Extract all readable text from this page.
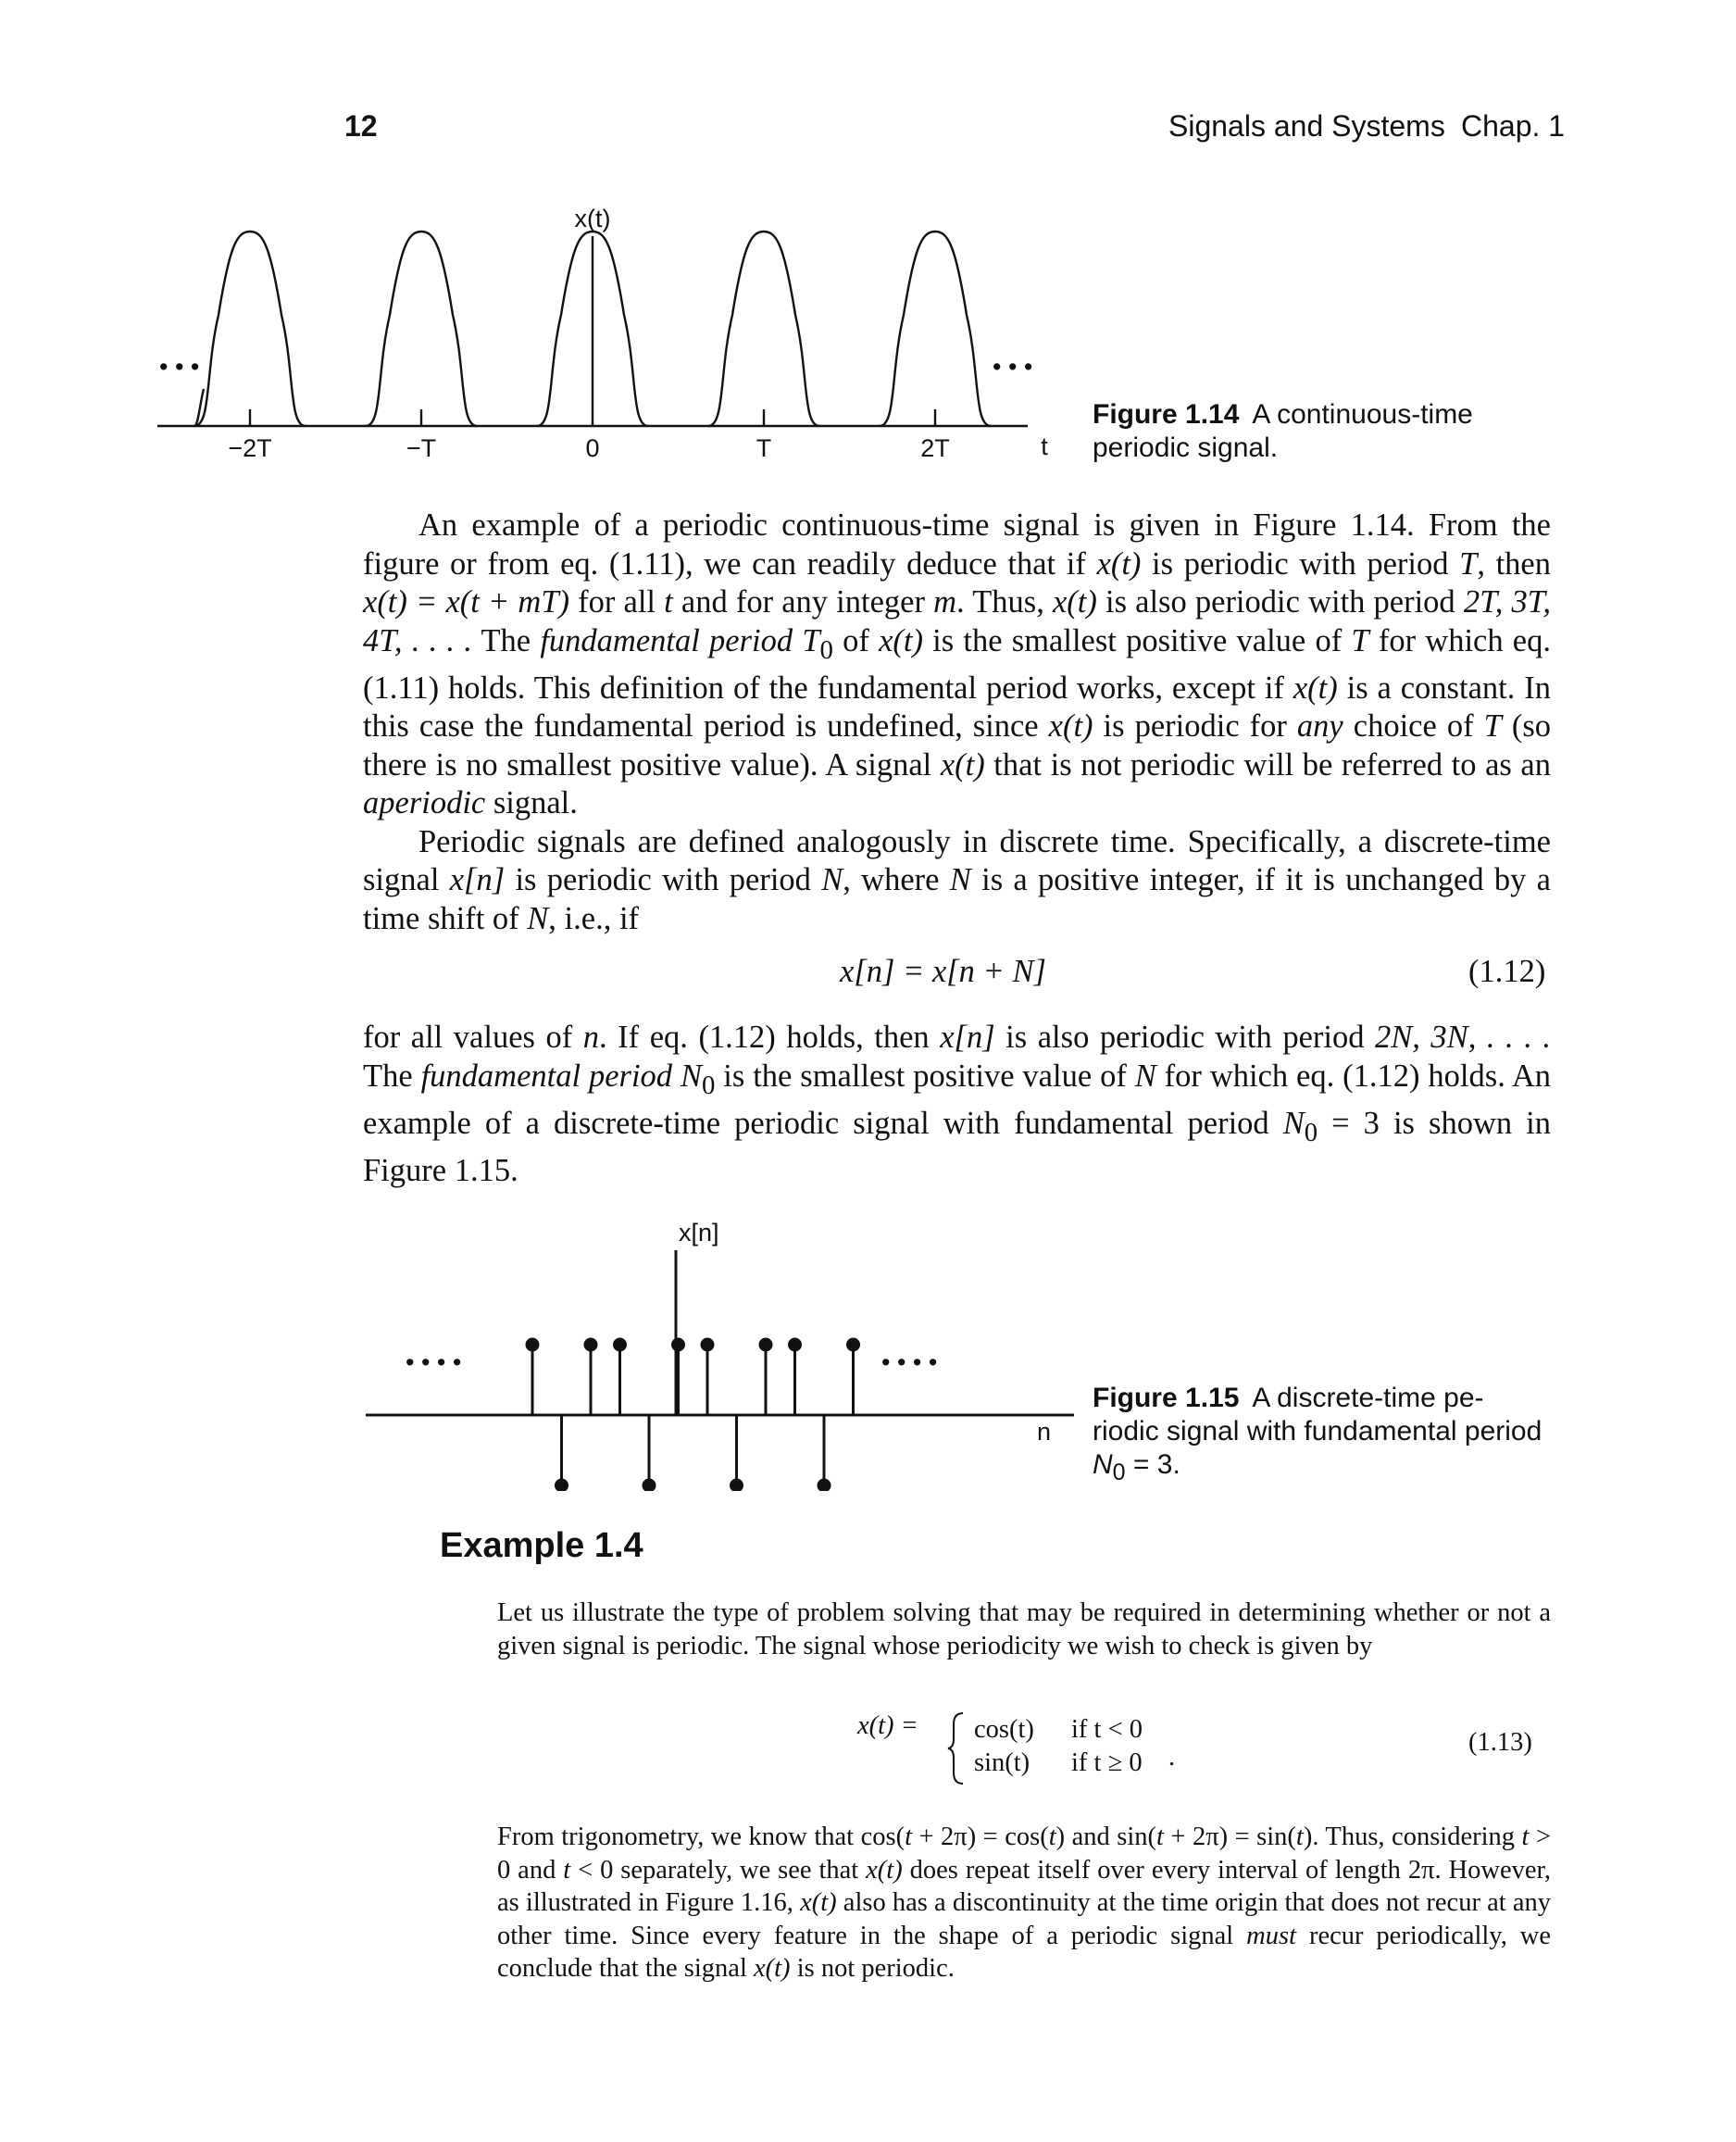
12	Signals and Systems Chap. 1
x(t)
t
• • •	• • •
−2T	−T	0	T	2T
Figure 1.14 A continuous-time
periodic signal.

An example of a periodic continuous-time signal is given in Figure 1.14. From the figure or from eq. (1.11), we can readily deduce that if x(t) is periodic with period T, then x(t) = x(t + mT) for all t and for any integer m. Thus, x(t) is also periodic with period 2T, 3T, 4T, . . . . The fundamental period $T_0$ of x(t) is the smallest positive value of T for which eq. (1.11) holds. This definition of the fundamental period works, except if x(t) is a constant. In this case the fundamental period is undefined, since x(t) is periodic for any choice of T (so there is no smallest positive value). A signal x(t) that is not periodic will be referred to as an aperiodic signal.

Periodic signals are defined analogously in discrete time. Specifically, a discrete-time signal x[n] is periodic with period N, where N is a positive integer, if it is unchanged by a time shift of N, i.e., if

x[n] = x[n + N]	(1.12)

for all values of n. If eq. (1.12) holds, then x[n] is also periodic with period 2N, 3N, . . . . The fundamental period $N_0$ is the smallest positive value of N for which eq. (1.12) holds. An example of a discrete-time periodic signal with fundamental period $N_0 = 3$ is shown in Figure 1.15.

x[n]
n
• • • •	• • • •
Figure 1.15 A discrete-time pe-
riodic signal with fundamental period
$N_0 = 3$.
Example 1.4

Let us illustrate the type of problem solving that may be required in determining whether or not a given signal is periodic. The signal whose periodicity we wish to check is given by

x(t) = cos(t) if t < 0
sin(t) if t ≥ 0 .
(1.13)

From trigonometry, we know that cos(t + 2π) = cos(t) and sin(t + 2π) = sin(t). Thus, considering t > 0 and t < 0 separately, we see that x(t) does repeat itself over every interval of length 2π. However, as illustrated in Figure 1.16, x(t) also has a discontinuity at the time origin that does not recur at any other time. Since every feature in the shape of a periodic signal must recur periodically, we conclude that the signal x(t) is not periodic.
